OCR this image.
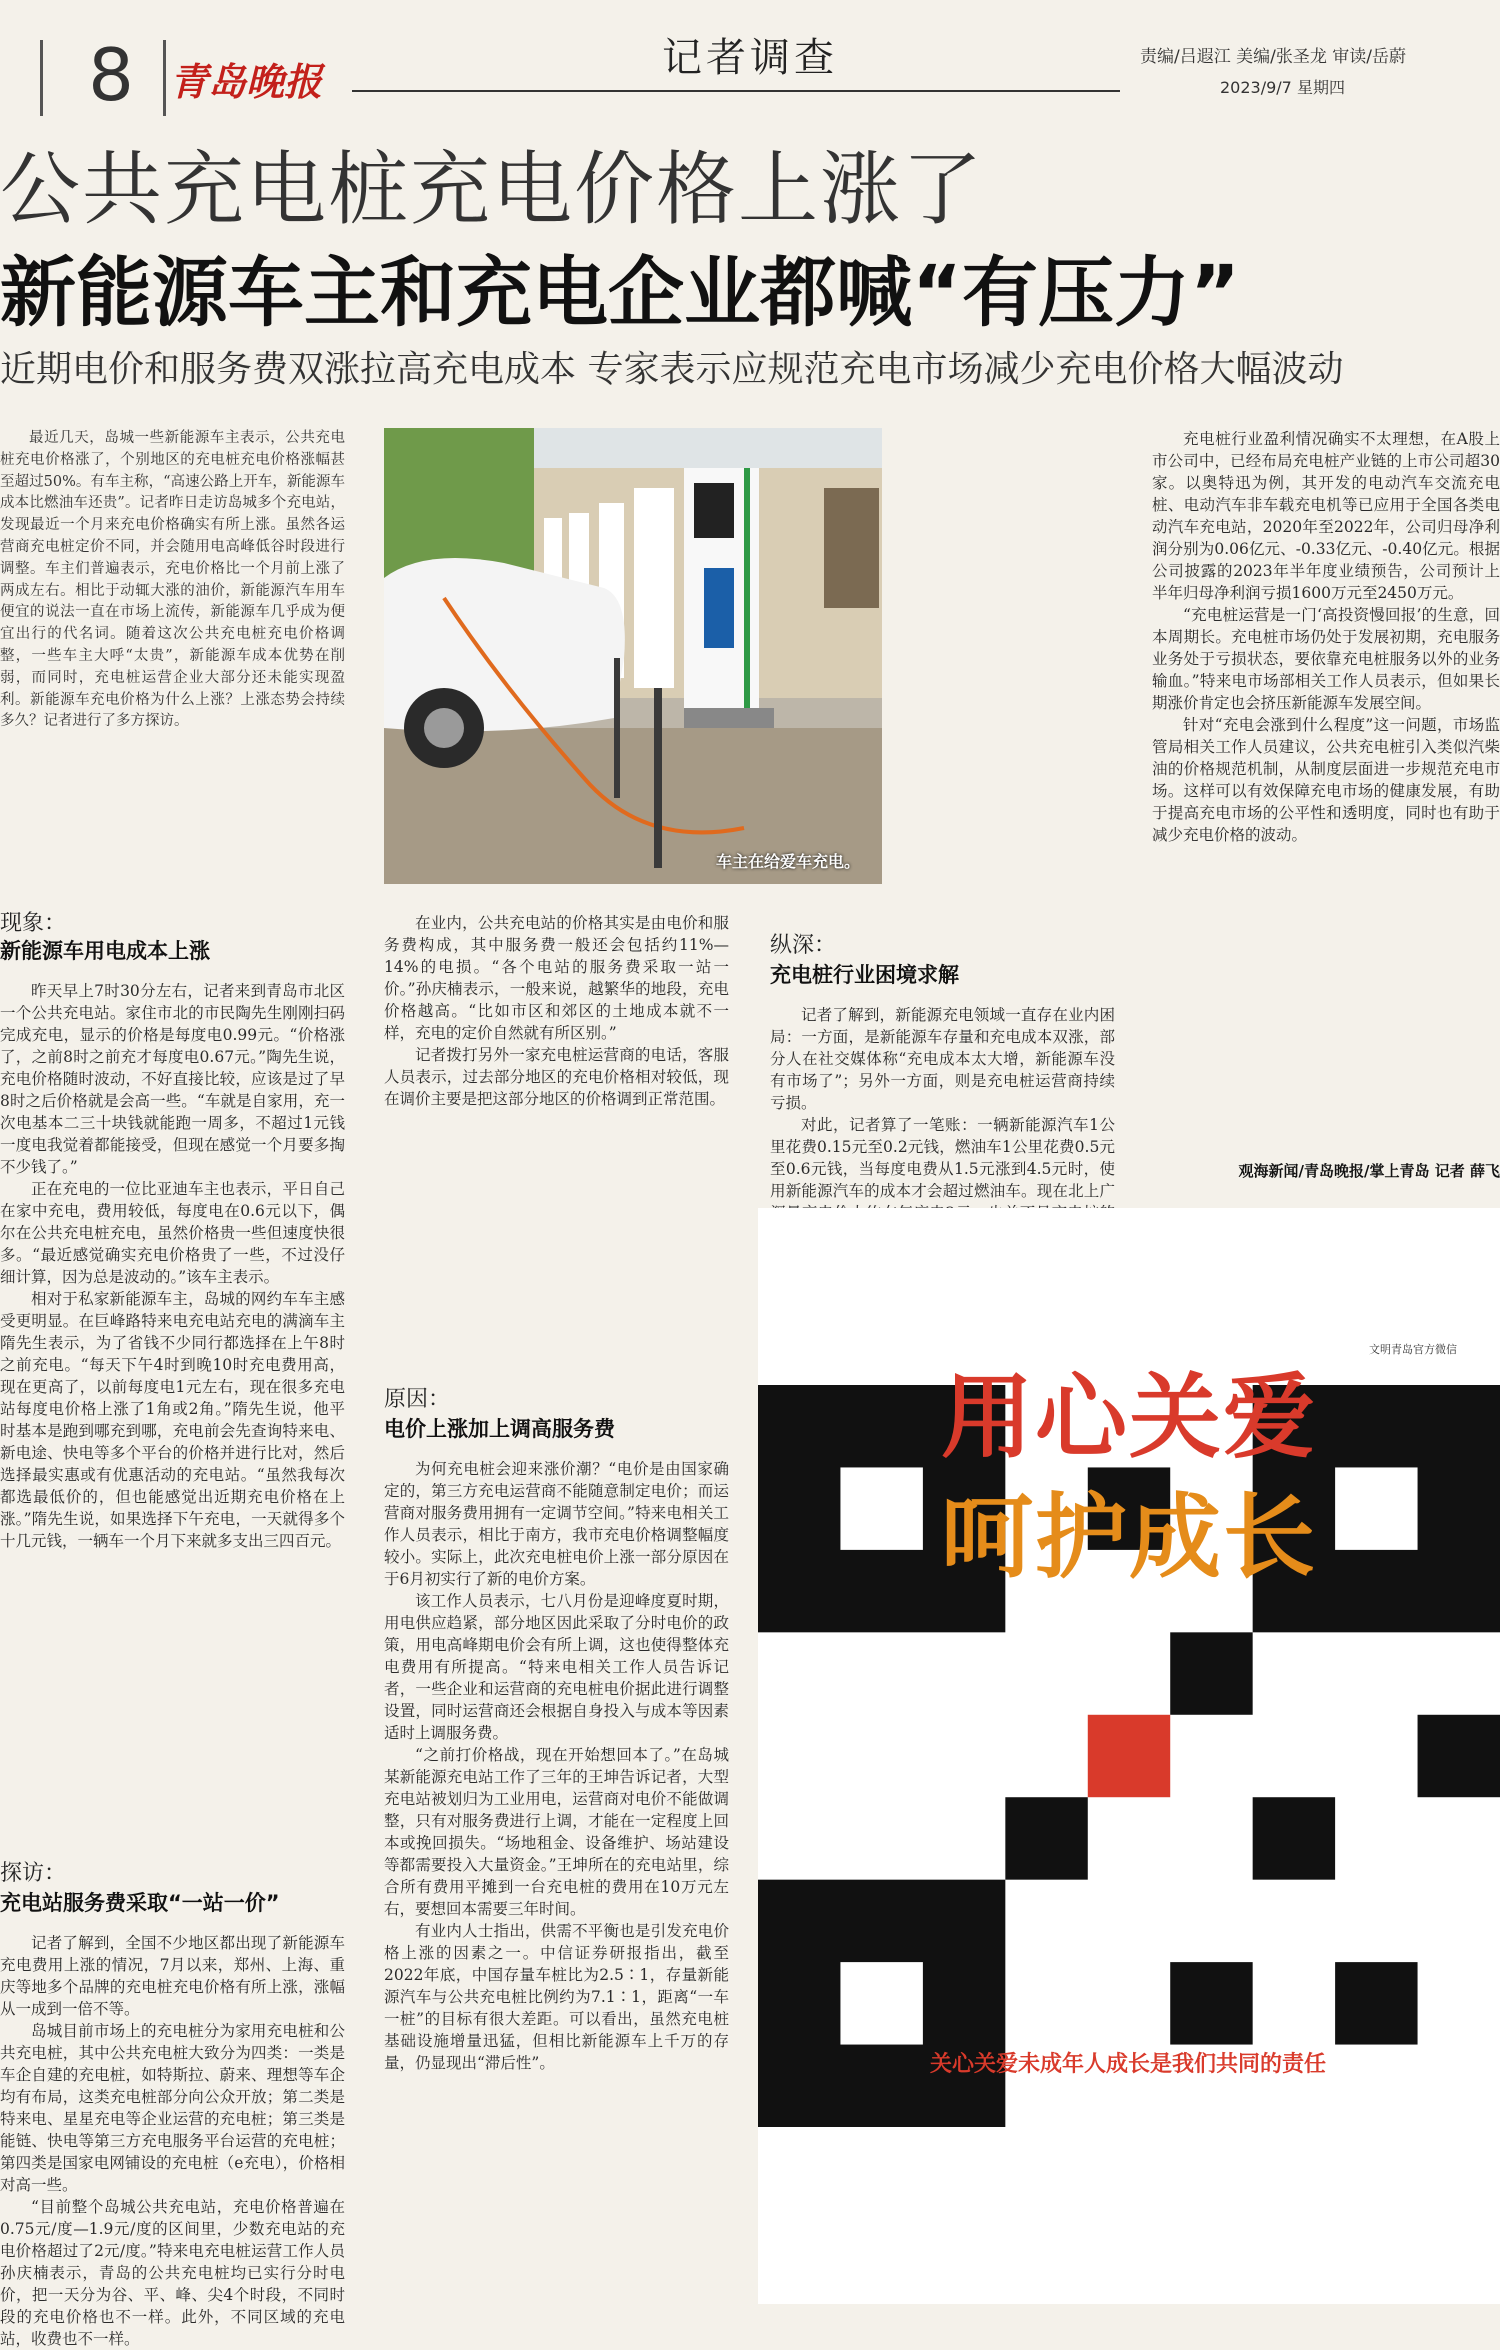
8 青岛晚报
记者调查	责编/吕遐江 美编/张圣龙 审读/岳蔚
2023/9/7 星期四
公共充电桩充电价格上涨了
新能源车主和充电企业都喊“有压力”
近期电价和服务费双涨拉高充电成本 专家表示应规范充电市场减少充电价格大幅波动

最近几天，岛城一些新能源车主表示，公共充电桩充电价格涨了，个别地区的充电桩充电价格涨幅甚至超过50%。有车主称，“高速公路上开车，新能源车成本比燃油车还贵”。记者昨日走访岛城多个充电站，发现最近一个月来充电价格确实有所上涨。虽然各运营商充电桩定价不同，并会随用电高峰低谷时段进行调整。车主们普遍表示，充电价格比一个月前上涨了两成左右。相比于动辄大涨的油价，新能源汽车用车便宜的说法一直在市场上流传，新能源车几乎成为便宜出行的代名词。随着这次公共充电桩充电价格调整，一些车主大呼“太贵”，新能源车成本优势在削弱，而同时，充电桩运营企业大部分还未能实现盈利。新能源车充电价格为什么上涨？上涨态势会持续多久？记者进行了多方探访。

车主在给爱车充电。
现象：
新能源车用电成本上涨

昨天早上7时30分左右，记者来到青岛市北区一个公共充电站。家住市北的市民陶先生刚刚扫码完成充电，显示的价格是每度电0.99元。“价格涨了，之前8时之前充才每度电0.67元。”陶先生说，充电价格随时波动，不好直接比较，应该是过了早8时之后价格就是会高一些。“车就是自家用，充一次电基本二三十块钱就能跑一周多，不超过1元钱一度电我觉着都能接受，但现在感觉一个月要多掏不少钱了。”

正在充电的一位比亚迪车主也表示，平日自己在家中充电，费用较低，每度电在0.6元以下，偶尔在公共充电桩充电，虽然价格贵一些但速度快很多。“最近感觉确实充电价格贵了一些，不过没仔细计算，因为总是波动的。”该车主表示。

相对于私家新能源车主，岛城的网约车车主感受更明显。在巨峰路特来电充电站充电的满滴车主隋先生表示，为了省钱不少同行都选择在上午8时之前充电。“每天下午4时到晚10时充电费用高，现在更高了，以前每度电1元左右，现在很多充电站每度电价格上涨了1角或2角。”隋先生说，他平时基本是跑到哪充到哪，充电前会先查询特来电、新电途、快电等多个平台的价格并进行比对，然后选择最实惠或有优惠活动的充电站。“虽然我每次都选最低价的，但也能感觉出近期充电价格在上涨。”隋先生说，如果选择下午充电，一天就得多个十几元钱，一辆车一个月下来就多支出三四百元。

探访：
充电站服务费采取“一站一价”

记者了解到，全国不少地区都出现了新能源车充电费用上涨的情况，7月以来，郑州、上海、重庆等地多个品牌的充电桩充电价格有所上涨，涨幅从一成到一倍不等。

岛城目前市场上的充电桩分为家用充电桩和公共充电桩，其中公共充电桩大致分为四类：一类是车企自建的充电桩，如特斯拉、蔚来、理想等车企均有布局，这类充电桩部分向公众开放；第二类是特来电、星星充电等企业运营的充电桩；第三类是能链、快电等第三方充电服务平台运营的充电桩；第四类是国家电网铺设的充电桩（e充电），价格相对高一些。

“目前整个岛城公共充电站，充电价格普遍在0.75元/度—1.9元/度的区间里，少数充电站的充电价格超过了2元/度。”特来电充电桩运营工作人员孙庆楠表示，青岛的公共充电桩均已实行分时电价，把一天分为谷、平、峰、尖4个时段，不同时段的充电价格也不一样。此外，不同区域的充电站，收费也不一样。

在业内，公共充电站的价格其实是由电价和服务费构成，其中服务费一般还会包括约11%—14%的电损。“各个电站的服务费采取一站一价。”孙庆楠表示，一般来说，越繁华的地段，充电价格越高。“比如市区和郊区的土地成本就不一样，充电的定价自然就有所区别。”

记者拨打另外一家充电桩运营商的电话，客服人员表示，过去部分地区的充电价格相对较低，现在调价主要是把这部分地区的价格调到正常范围。

原因：
电价上涨加上调高服务费

为何充电桩会迎来涨价潮？“电价是由国家确定的，第三方充电运营商不能随意制定电价；而运营商对服务费用拥有一定调节空间。”特来电相关工作人员表示，相比于南方，我市充电价格调整幅度较小。实际上，此次充电桩电价上涨一部分原因在于6月初实行了新的电价方案。

该工作人员表示，七八月份是迎峰度夏时期，用电供应趋紧，部分地区因此采取了分时电价的政策，用电高峰期电价会有所上调，这也使得整体充电费用有所提高。“特来电相关工作人员告诉记者，一些企业和运营商的充电桩电价据此进行调整设置，同时运营商还会根据自身投入与成本等因素适时上调服务费。

“之前打价格战，现在开始想回本了。”在岛城某新能源充电站工作了三年的王坤告诉记者，大型充电站被划归为工业用电，运营商对电价不能做调整，只有对服务费进行上调，才能在一定程度上回本或挽回损失。“场地租金、设备维护、场站建设等都需要投入大量资金。”王坤所在的充电站里，综合所有费用平摊到一台充电桩的费用在10万元左右，要想回本需要三年时间。

有业内人士指出，供需不平衡也是引发充电价格上涨的因素之一。中信证券研报指出，截至2022年底，中国存量车桩比为2.5∶1，存量新能源汽车与公共充电桩比例约为7.1∶1，距离“一车一桩”的目标有很大差距。可以看出，虽然充电桩基础设施增量迅猛，但相比新能源车上千万的存量，仍显现出“滞后性”。

纵深：
充电桩行业困境求解

记者了解到，新能源充电领域一直存在业内困局：一方面，是新能源车存量和充电成本双涨，部分人在社交媒体称“充电成本太大增，新能源车没有市场了”；另外一方面，则是充电桩运营商持续亏损。

对此，记者算了一笔账：一辆新能源汽车1公里花费0.15元至0.2元钱，燃油车1公里花费0.5元至0.6元钱，当每度电费从1.5元涨到4.5元时，使用新能源汽车的成本才会超过燃油车。现在北上广

充电桩行业盈利情况确实不太理想，在A股上市公司中，已经布局充电桩产业链的上市公司超30家。以奥特迅为例，其开发的电动汽车交流充电桩、电动汽车非车载充电机等已应用于全国各类电动汽车充电站，2020年至2022年，公司归母净利润分别为0.06亿元、-0.33亿元、-0.40亿元。根据公司披露的2023年半年度业绩预告，公司预计上半年归母净利润亏损1600万元至2450万元。

“充电桩运营是一门‘高投资慢回报’的生意，回本周期长。充电桩市场仍处于发展初期，充电服务业务处于亏损状态，要依靠充电桩服务以外的业务输血。”特来电市场部相关工作人员表示，但如果长期涨价肯定也会挤压新能源车发展空间。

针对“充电会涨到什么程度”这一问题，市场监管局相关工作人员建议，公共充电桩引入类似汽柴油的价格规范机制，从制度层面进一步规范充电市场。这样可以有效保障充电市场的健康发展，有助于提高充电市场的公平性和透明度，同时也有助于减少充电价格的波动。

观海新闻/青岛晚报/掌上青岛 记者 薛飞
讲文明 树新风 公益广告
文明青岛官方微信
用心关爱
呵护成长
关心关爱未成年人成长是我们共同的责任
中共青岛市委宣传部 青岛市文明办
